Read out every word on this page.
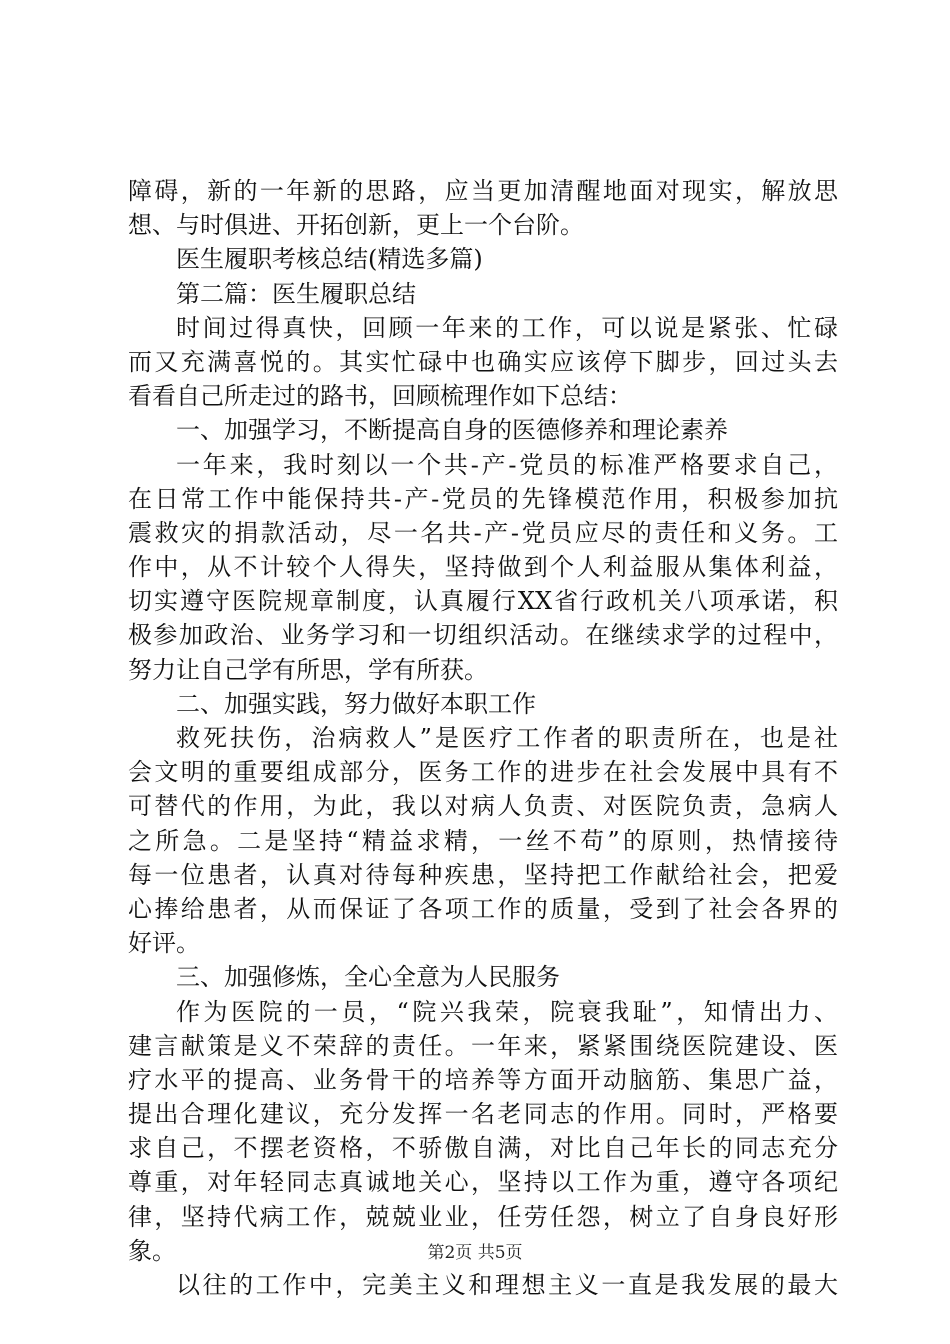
障碍，新的一年新的思路，应当更加清醒地面对现实，解放思
想、与时俱进、开拓创新，更上一个台阶。
医生履职考核总结(精选多篇)
第二篇：医生履职总结
时间过得真快，回顾一年来的工作，可以说是紧张、忙碌
而又充满喜悦的。其实忙碌中也确实应该停下脚步，回过头去
看看自己所走过的路书，回顾梳理作如下总结：
一、加强学习，不断提高自身的医德修养和理论素养
一年来，我时刻以一个共-产-党员的标准严格要求自己，
在日常工作中能保持共-产-党员的先锋模范作用，积极参加抗
震救灾的捐款活动，尽一名共-产-党员应尽的责任和义务。工
作中，从不计较个人得失，坚持做到个人利益服从集体利益，
切实遵守医院规章制度，认真履行XX省行政机关八项承诺，积
极参加政治、业务学习和一切组织活动。在继续求学的过程中，
努力让自己学有所思，学有所获。
二、加强实践，努力做好本职工作
救死扶伤，治病救人”是医疗工作者的职责所在，也是社
会文明的重要组成部分，医务工作的进步在社会发展中具有不
可替代的作用，为此，我以对病人负责、对医院负责，急病人
之所急。二是坚持“精益求精，一丝不苟”的原则，热情接待
每一位患者，认真对待每种疾患，坚持把工作献给社会，把爱
心捧给患者，从而保证了各项工作的质量，受到了社会各界的
好评。
三、加强修炼，全心全意为人民服务
作为医院的一员，“院兴我荣，院衰我耻”，知情出力、
建言献策是义不荣辞的责任。一年来，紧紧围绕医院建设、医
疗水平的提高、业务骨干的培养等方面开动脑筋、集思广益，
提出合理化建议，充分发挥一名老同志的作用。同时，严格要
求自己，不摆老资格，不骄傲自满，对比自己年长的同志充分
尊重，对年轻同志真诚地关心，坚持以工作为重，遵守各项纪
律，坚持代病工作，兢兢业业，任劳任怨，树立了自身良好形
象。
以往的工作中，完美主义和理想主义一直是我发展的最大
第2页 共5页
